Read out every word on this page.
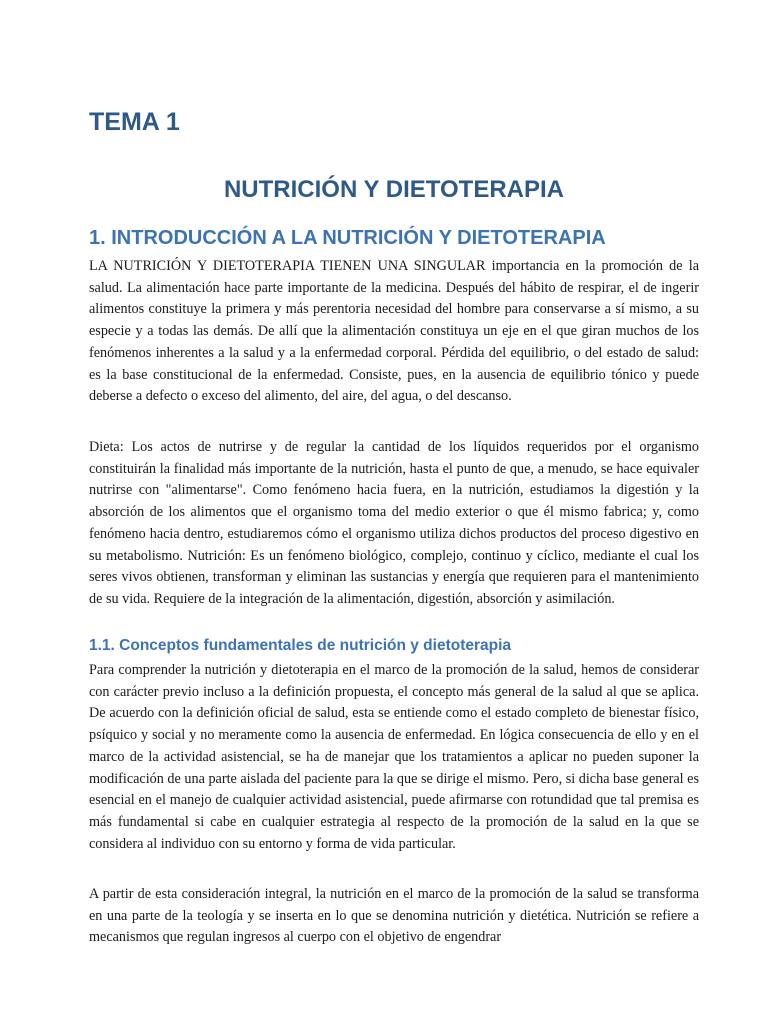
TEMA 1
NUTRICIÓN Y DIETOTERAPIA
1. INTRODUCCIÓN A LA NUTRICIÓN Y DIETOTERAPIA

LA NUTRICIÓN Y DIETOTERAPIA TIENEN UNA SINGULAR importancia en la promoción de la salud. La alimentación hace parte importante de la medicina. Después del hábito de respirar, el de ingerir alimentos constituye la primera y más perentoria necesidad del hombre para conservarse a sí mismo, a su especie y a todas las demás. De allí que la alimentación constituya un eje en el que giran muchos de los fenómenos inherentes a la salud y a la enfermedad corporal. Pérdida del equilibrio, o del estado de salud: es la base constitucional de la enfermedad. Consiste, pues, en la ausencia de equilibrio tónico y puede deberse a defecto o exceso del alimento, del aire, del agua, o del descanso.

Dieta: Los actos de nutrirse y de regular la cantidad de los líquidos requeridos por el organismo constituirán la finalidad más importante de la nutrición, hasta el punto de que, a menudo, se hace equivaler nutrirse con "alimentarse". Como fenómeno hacia fuera, en la nutrición, estudiamos la digestión y la absorción de los alimentos que el organismo toma del medio exterior o que él mismo fabrica; y, como fenómeno hacia dentro, estudiaremos cómo el organismo utiliza dichos productos del proceso digestivo en su metabolismo. Nutrición: Es un fenómeno biológico, complejo, continuo y cíclico, mediante el cual los seres vivos obtienen, transforman y eliminan las sustancias y energía que requieren para el mantenimiento de su vida. Requiere de la integración de la alimentación, digestión, absorción y asimilación.

1.1. Conceptos fundamentales de nutrición y dietoterapia

Para comprender la nutrición y dietoterapia en el marco de la promoción de la salud, hemos de considerar con carácter previo incluso a la definición propuesta, el concepto más general de la salud al que se aplica. De acuerdo con la definición oficial de salud, esta se entiende como el estado completo de bienestar físico, psíquico y social y no meramente como la ausencia de enfermedad. En lógica consecuencia de ello y en el marco de la actividad asistencial, se ha de manejar que los tratamientos a aplicar no pueden suponer la modificación de una parte aislada del paciente para la que se dirige el mismo. Pero, si dicha base general es esencial en el manejo de cualquier actividad asistencial, puede afirmarse con rotundidad que tal premisa es más fundamental si cabe en cualquier estrategia al respecto de la promoción de la salud en la que se considera al individuo con su entorno y forma de vida particular.

A partir de esta consideración integral, la nutrición en el marco de la promoción de la salud se transforma en una parte de la teología y se inserta en lo que se denomina nutrición y dietética. Nutrición se refiere a mecanismos que regulan ingresos al cuerpo con el objetivo de engendrar
